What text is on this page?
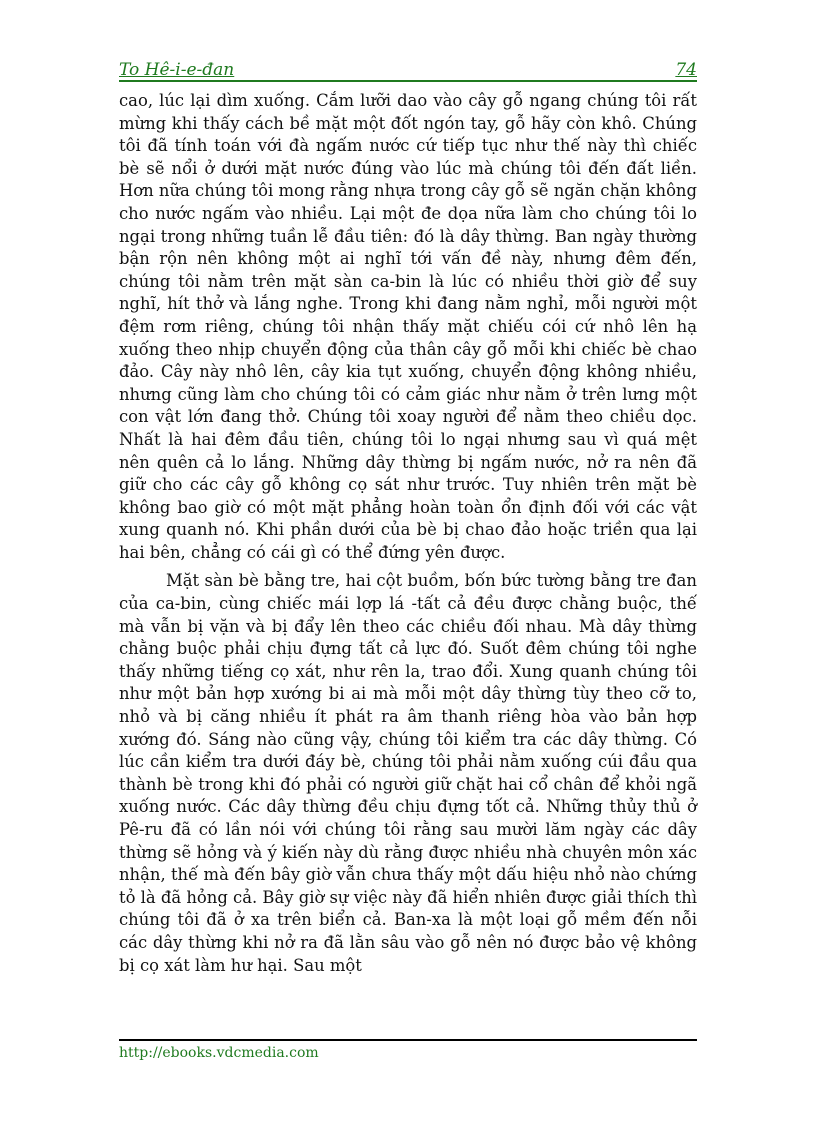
To Hê-i-e-đan	74

cao, lúc lại dìm xuống. Cắm lưỡi dao vào cây gỗ ngang chúng tôi rất mừng khi thấy cách bề mặt một đốt ngón tay, gỗ hãy còn khô. Chúng tôi đã tính toán với đà ngấm nước cứ tiếp tục như thế này thì chiếc bè sẽ nổi ở dưới mặt nước đúng vào lúc mà chúng tôi đến đất liền. Hơn nữa chúng tôi mong rằng nhựa trong cây gỗ sẽ ngăn chặn không cho nước ngấm vào nhiều. Lại một đe dọa nữa làm cho chúng tôi lo ngại trong những tuần lễ đầu tiên: đó là dây thừng. Ban ngày thường bận rộn nên không một ai nghĩ tới vấn đề này, nhưng đêm đến, chúng tôi nằm trên mặt sàn ca-bin là lúc có nhiều thời giờ để suy nghĩ, hít thở và lắng nghe. Trong khi đang nằm nghỉ, mỗi người một đệm rơm riêng, chúng tôi nhận thấy mặt chiếu cói cứ nhô lên hạ xuống theo nhịp chuyển động của thân cây gỗ mỗi khi chiếc bè chao đảo. Cây này nhô lên, cây kia tụt xuống, chuyển động không nhiều, nhưng cũng làm cho chúng tôi có cảm giác như nằm ở trên lưng một con vật lớn đang thở. Chúng tôi xoay người để nằm theo chiều dọc. Nhất là hai đêm đầu tiên, chúng tôi lo ngại nhưng sau vì quá mệt nên quên cả lo lắng. Những dây thừng bị ngấm nước, nở ra nên đã giữ cho các cây gỗ không cọ sát như trước. Tuy nhiên trên mặt bè không bao giờ có một mặt phẳng hoàn toàn ổn định đối với các vật xung quanh nó. Khi phần dưới của bè bị chao đảo hoặc triền qua lại hai bên, chẳng có cái gì có thể đứng yên được.

Mặt sàn bè bằng tre, hai cột buồm, bốn bức tường bằng tre đan của ca-bin, cùng chiếc mái lợp lá -tất cả đều được chằng buộc, thế mà vẫn bị vặn và bị đẩy lên theo các chiều đối nhau. Mà dây thừng chằng buộc phải chịu đựng tất cả lực đó. Suốt đêm chúng tôi nghe thấy những tiếng cọ xát, như rên la, trao đổi. Xung quanh chúng tôi như một bản hợp xướng bi ai mà mỗi một dây thừng tùy theo cỡ to, nhỏ và bị căng nhiều ít phát ra âm thanh riêng hòa vào bản hợp xướng đó. Sáng nào cũng vậy, chúng tôi kiểm tra các dây thừng. Có lúc cần kiểm tra dưới đáy bè, chúng tôi phải nằm xuống cúi đầu qua thành bè trong khi đó phải có người giữ chặt hai cổ chân để khỏi ngã xuống nước. Các dây thừng đều chịu đựng tốt cả. Những thủy thủ ở Pê-ru đã có lần nói với chúng tôi rằng sau mười lăm ngày các dây thừng sẽ hỏng và ý kiến này dù rằng được nhiều nhà chuyên môn xác nhận, thế mà đến bây giờ vẫn chưa thấy một dấu hiệu nhỏ nào chứng tỏ là đã hỏng cả. Bây giờ sự việc này đã hiển nhiên được giải thích thì chúng tôi đã ở xa trên biển cả. Ban-xa là một loại gỗ mềm đến nỗi các dây thừng khi nở ra đã lằn sâu vào gỗ nên nó được bảo vệ không bị cọ xát làm hư hại. Sau một

http://ebooks.vdcmedia.com
